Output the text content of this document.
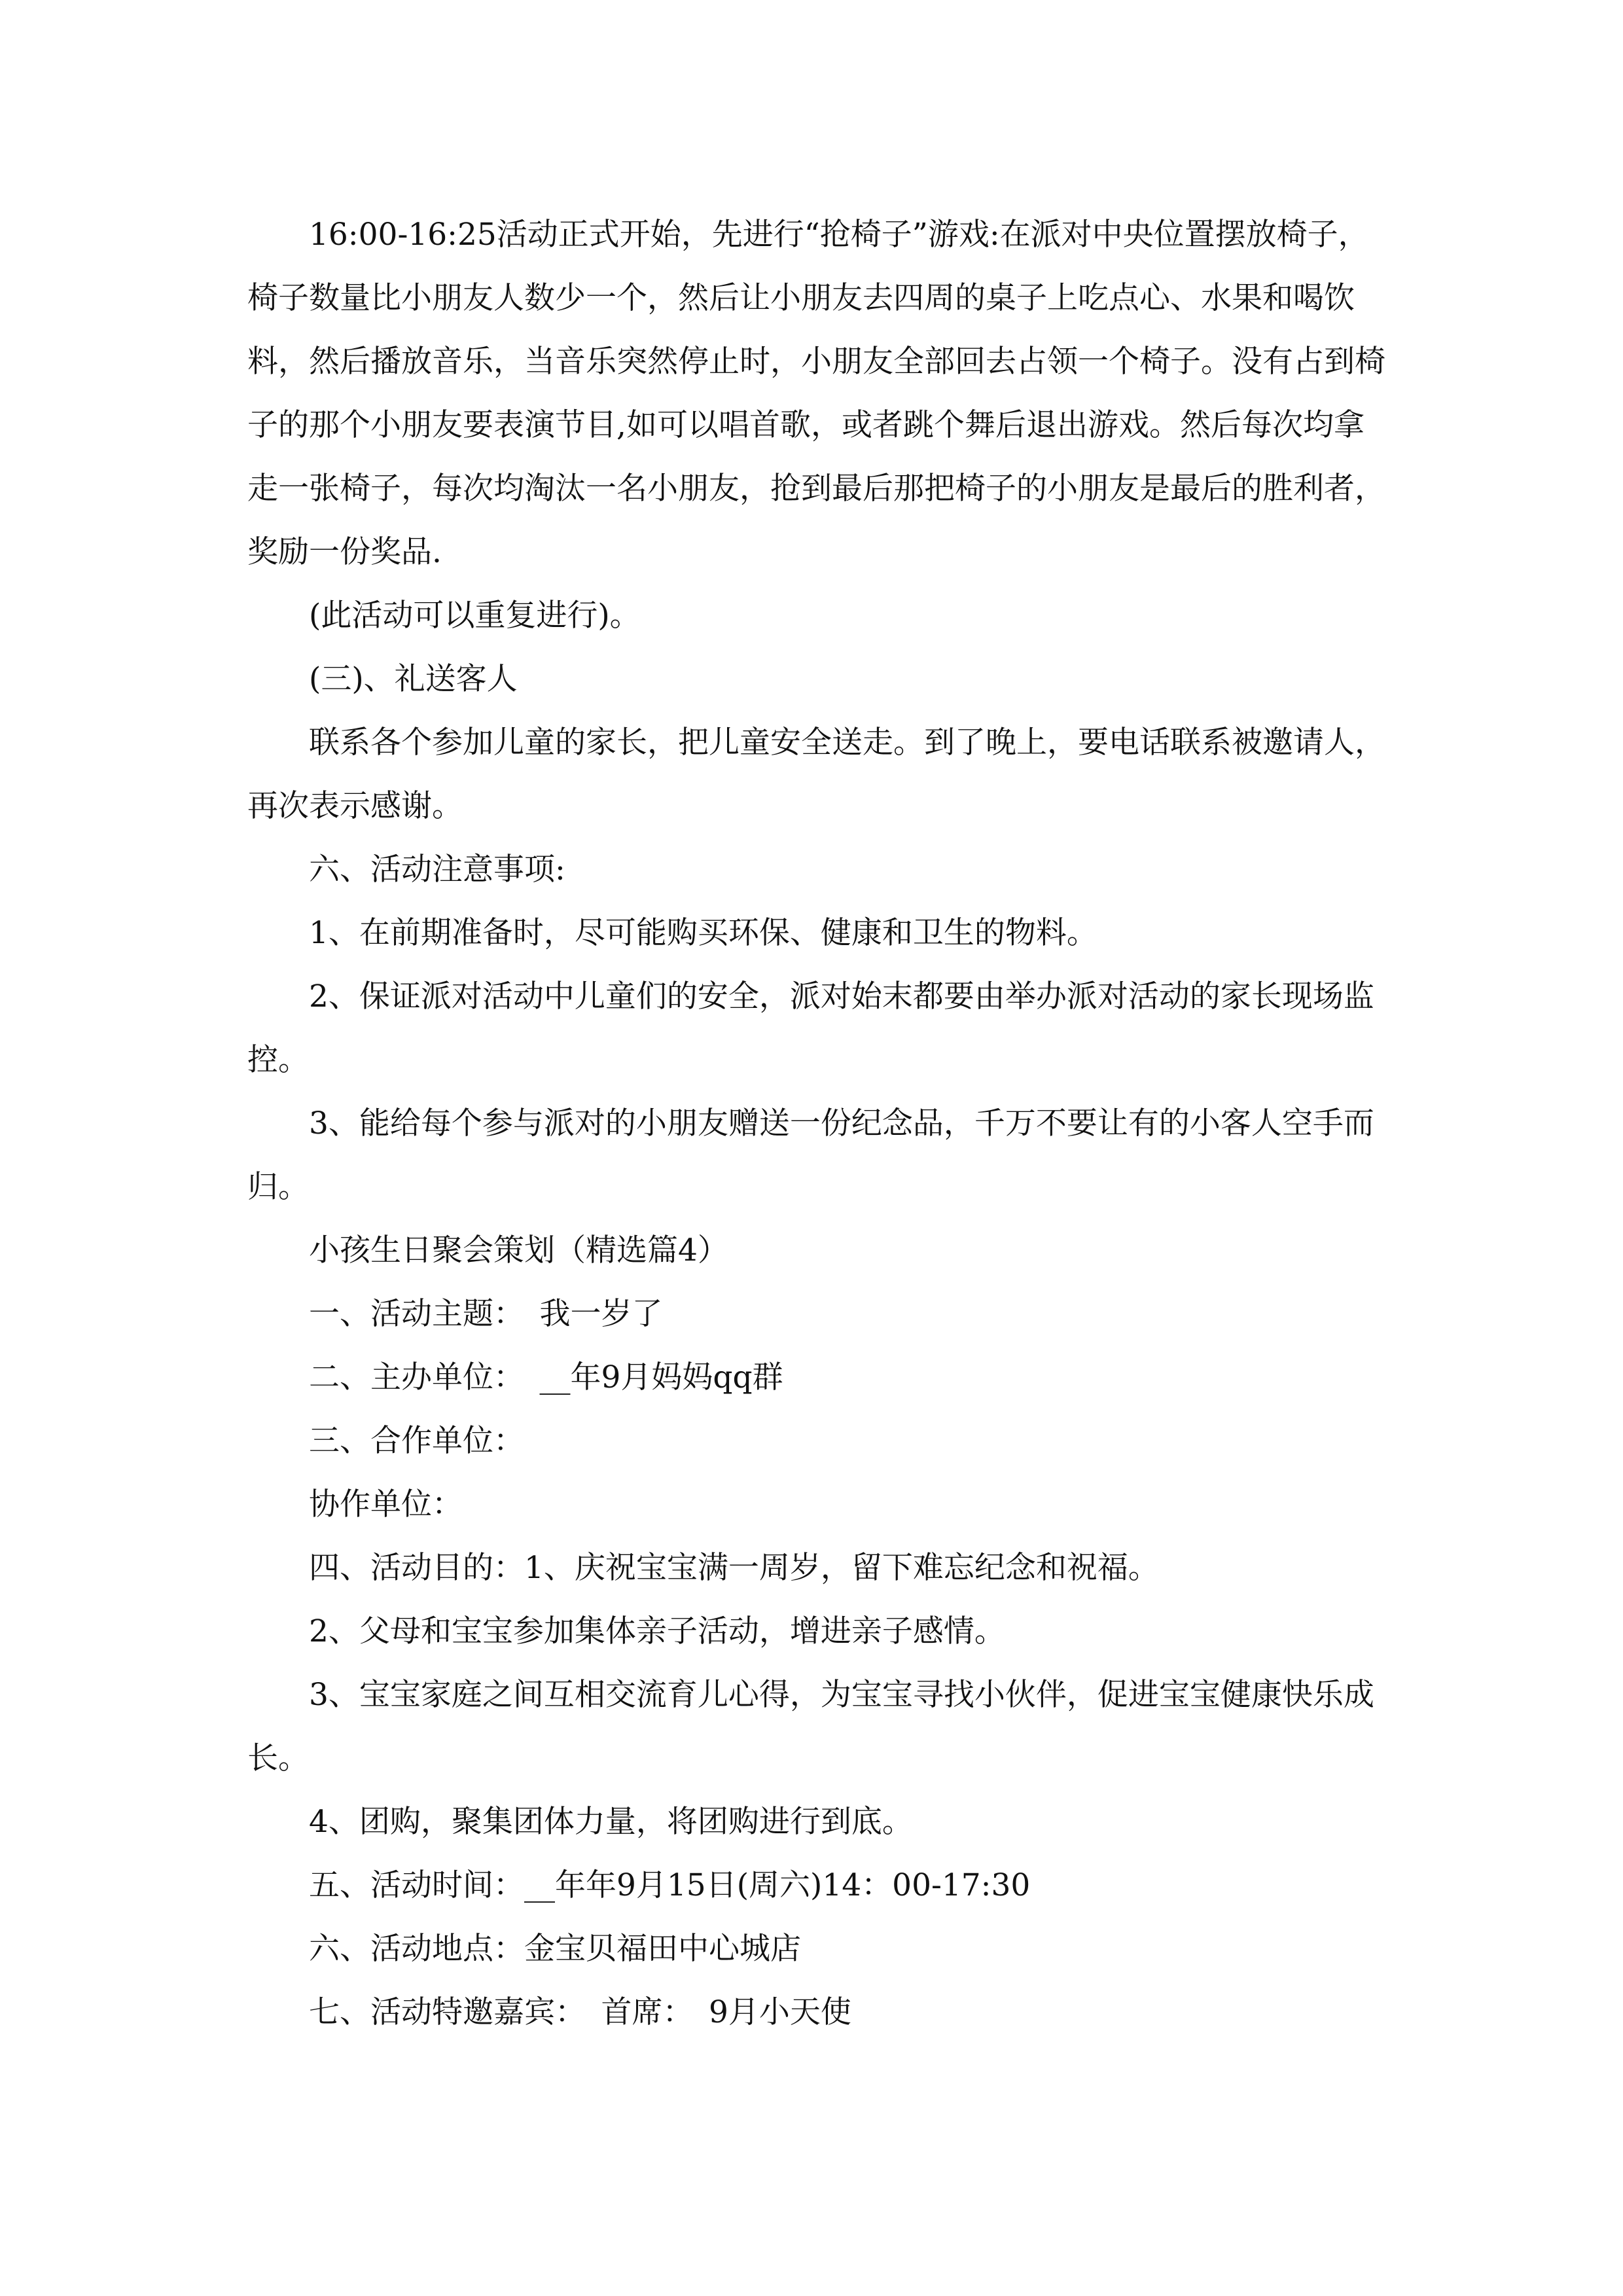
16:00-16:25活动正式开始，先进行“抢椅子”游戏:在派对中央位置摆放椅子，椅子数量比小朋友人数少一个，然后让小朋友去四周的桌子上吃点心、水果和喝饮料，然后播放音乐，当音乐突然停止时，小朋友全部回去占领一个椅子。没有占到椅子的那个小朋友要表演节目,如可以唱首歌，或者跳个舞后退出游戏。然后每次均拿走一张椅子，每次均淘汰一名小朋友，抢到最后那把椅子的小朋友是最后的胜利者，奖励一份奖品.

(此活动可以重复进行)。

(三)、礼送客人

联系各个参加儿童的家长，把儿童安全送走。到了晚上，要电话联系被邀请人，再次表示感谢。

六、活动注意事项:

1、在前期准备时，尽可能购买环保、健康和卫生的物料。

2、保证派对活动中儿童们的安全，派对始末都要由举办派对活动的家长现场监控。

3、能给每个参与派对的小朋友赠送一份纪念品，千万不要让有的小客人空手而归。

小孩生日聚会策划（精选篇4）

一、活动主题：　我一岁了

二、主办单位：　__年9月妈妈qq群

三、合作单位：

协作单位：

四、活动目的：1、庆祝宝宝满一周岁，留下难忘纪念和祝福。

2、父母和宝宝参加集体亲子活动，增进亲子感情。

3、宝宝家庭之间互相交流育儿心得，为宝宝寻找小伙伴，促进宝宝健康快乐成长。

4、团购，聚集团体力量，将团购进行到底。

五、活动时间：__年年9月15日(周六)14：00-17:30

六、活动地点：金宝贝福田中心城店

七、活动特邀嘉宾：　首席：　9月小天使
